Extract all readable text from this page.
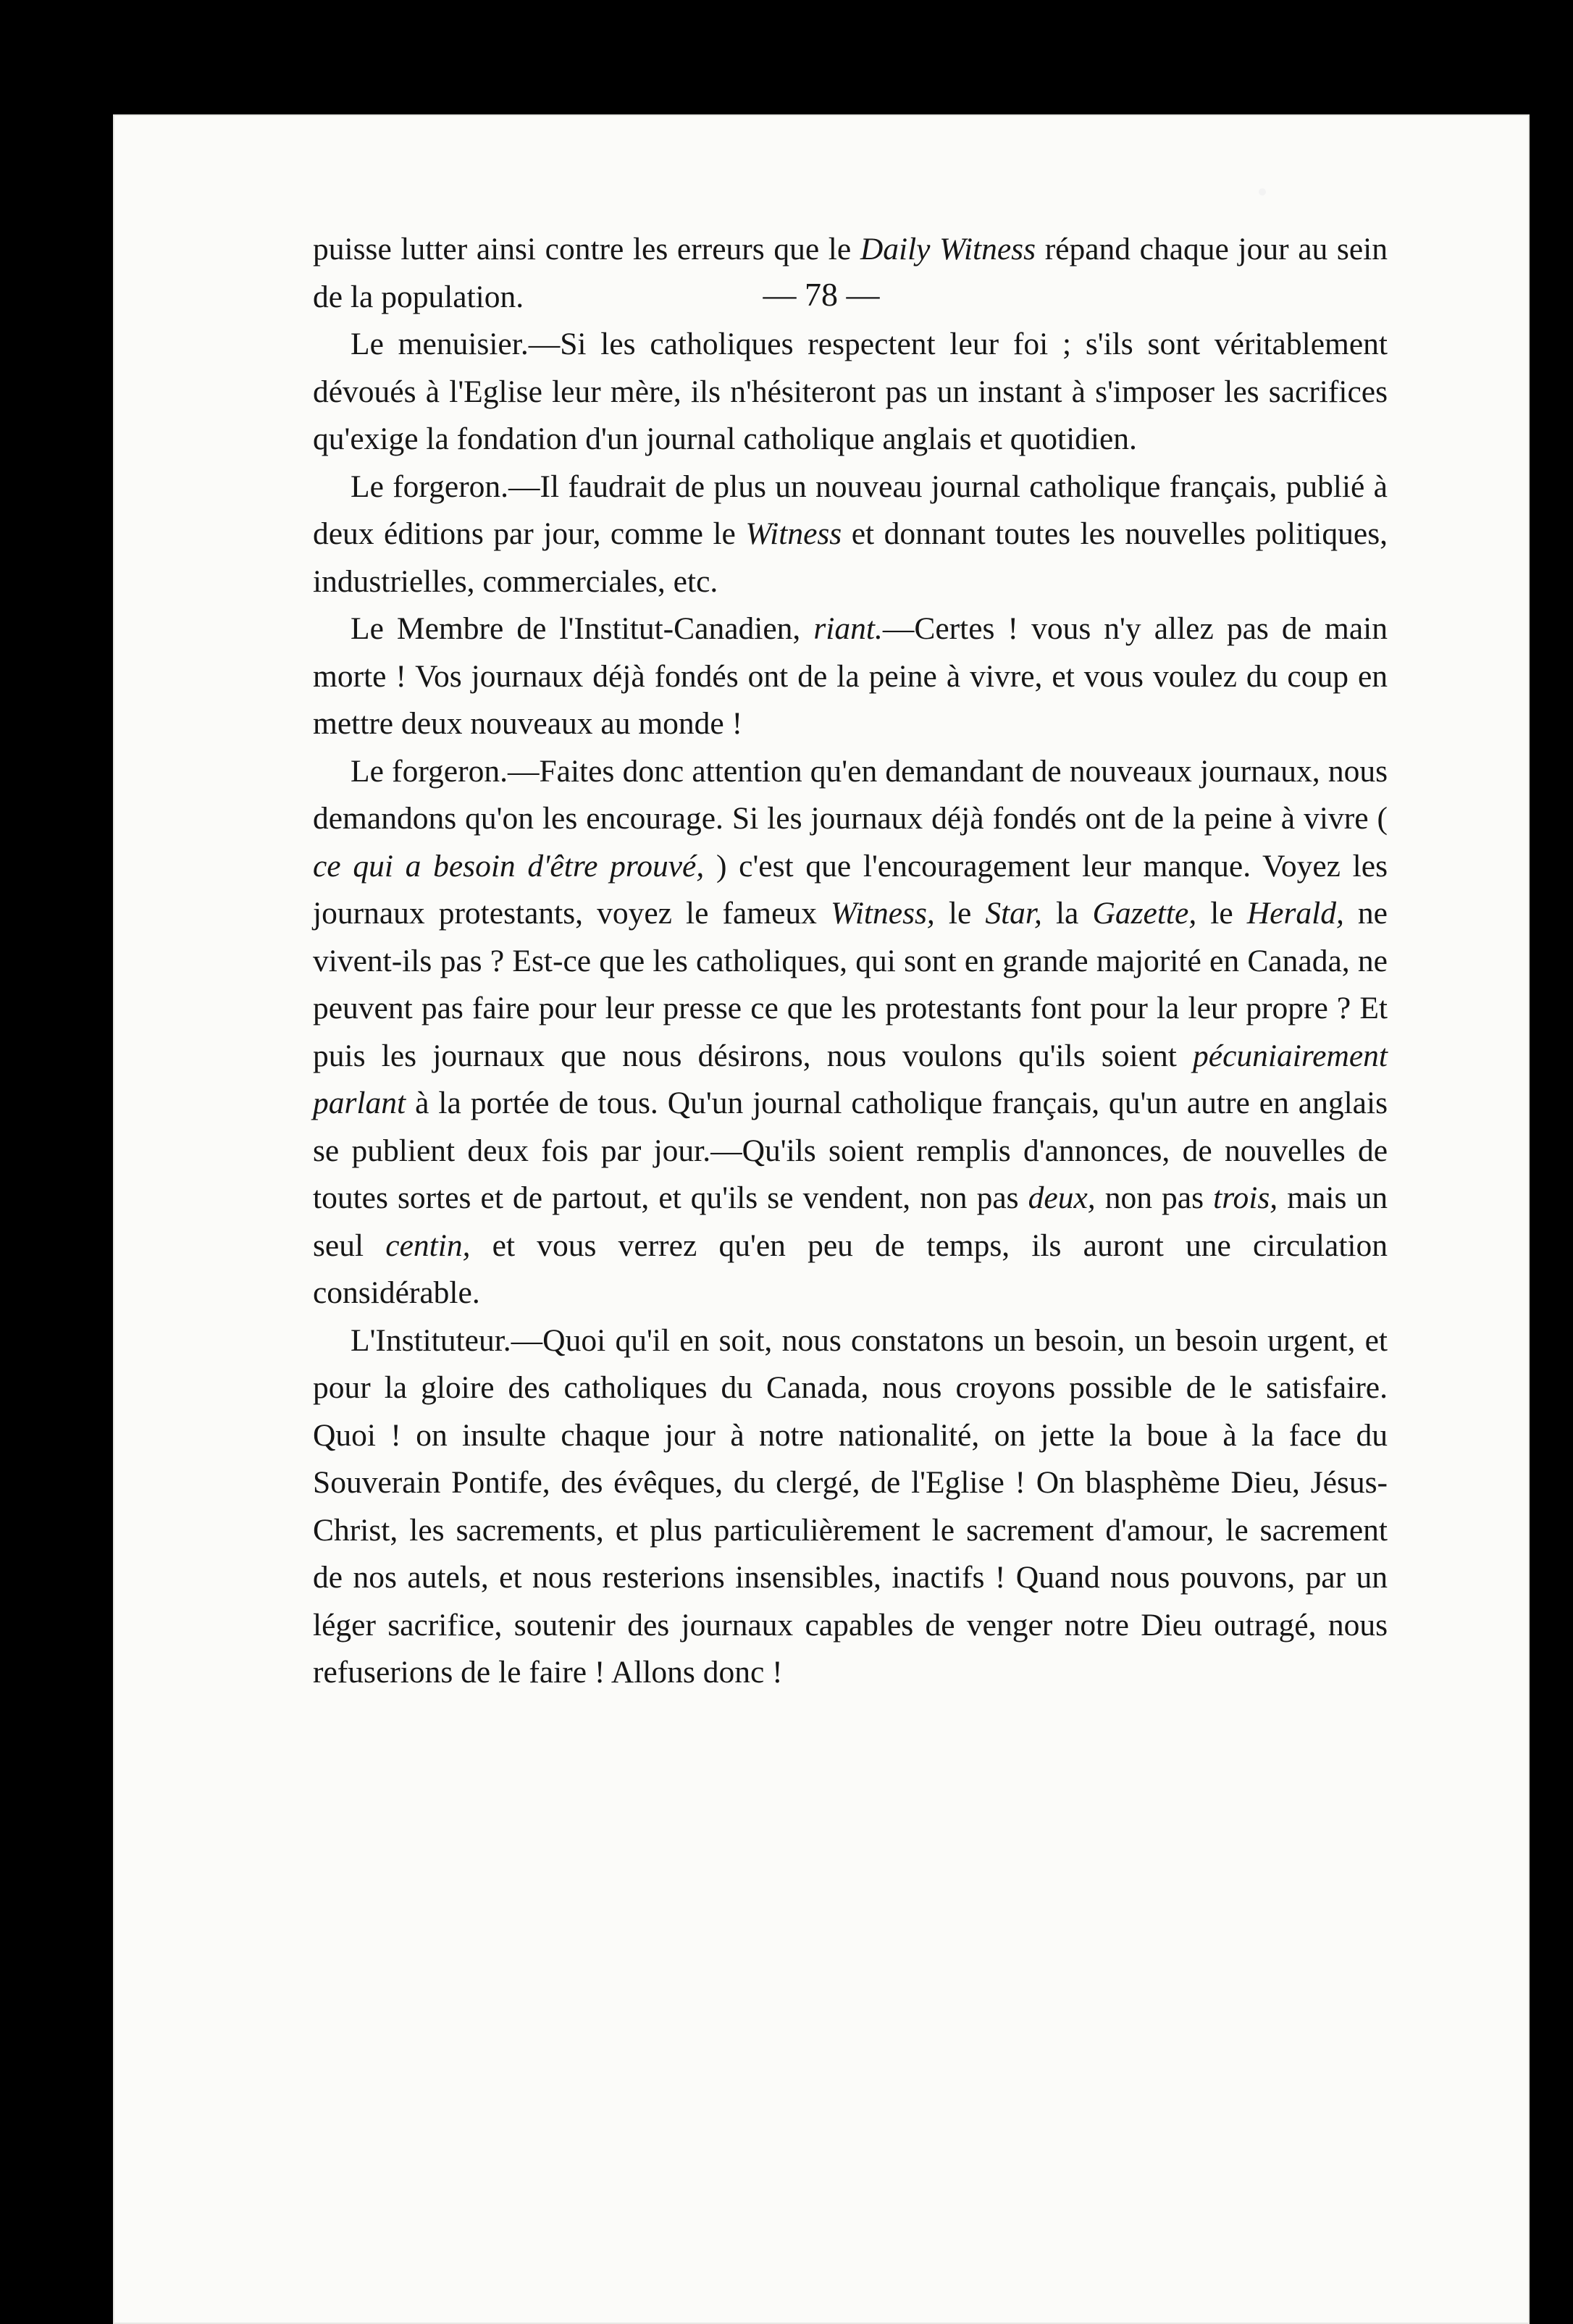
— 78 —

puisse lutter ainsi contre les erreurs que le Daily Witness répand chaque jour au sein de la population.

Le menuisier.—Si les catholiques respectent leur foi ; s'ils sont véritablement dévoués à l'Eglise leur mère, ils n'hésiteront pas un instant à s'imposer les sacrifices qu'exige la fondation d'un journal catholique anglais et quotidien.

Le forgeron.—Il faudrait de plus un nouveau journal catholique français, publié à deux éditions par jour, comme le Witness et donnant toutes les nouvelles politiques, industrielles, commerciales, etc.

Le Membre de l'Institut-Canadien, riant.—Certes ! vous n'y allez pas de main morte ! Vos journaux déjà fondés ont de la peine à vivre, et vous voulez du coup en mettre deux nouveaux au monde !

Le forgeron.—Faites donc attention qu'en demandant de nouveaux journaux, nous demandons qu'on les encourage. Si les journaux déjà fondés ont de la peine à vivre ( ce qui a besoin d'être prouvé, ) c'est que l'encouragement leur manque. Voyez les journaux protestants, voyez le fameux Witness, le Star, la Gazette, le Herald, ne vivent-ils pas ? Est-ce que les catholiques, qui sont en grande majorité en Canada, ne peuvent pas faire pour leur presse ce que les protestants font pour la leur propre ? Et puis les journaux que nous désirons, nous voulons qu'ils soient pécuniairement parlant à la portée de tous. Qu'un journal catholique français, qu'un autre en anglais se publient deux fois par jour.—Qu'ils soient remplis d'annonces, de nouvelles de toutes sortes et de partout, et qu'ils se vendent, non pas deux, non pas trois, mais un seul centin, et vous verrez qu'en peu de temps, ils auront une circulation considérable.

L'Instituteur.—Quoi qu'il en soit, nous constatons un besoin, un besoin urgent, et pour la gloire des catholiques du Canada, nous croyons possible de le satisfaire. Quoi ! on insulte chaque jour à notre nationalité, on jette la boue à la face du Souverain Pontife, des évêques, du clergé, de l'Eglise ! On blasphème Dieu, Jésus-Christ, les sacrements, et plus particulièrement le sacrement d'amour, le sacrement de nos autels, et nous resterions insensibles, inactifs ! Quand nous pouvons, par un léger sacrifice, soutenir des journaux capables de venger notre Dieu outragé, nous refuserions de le faire ! Allons donc !
